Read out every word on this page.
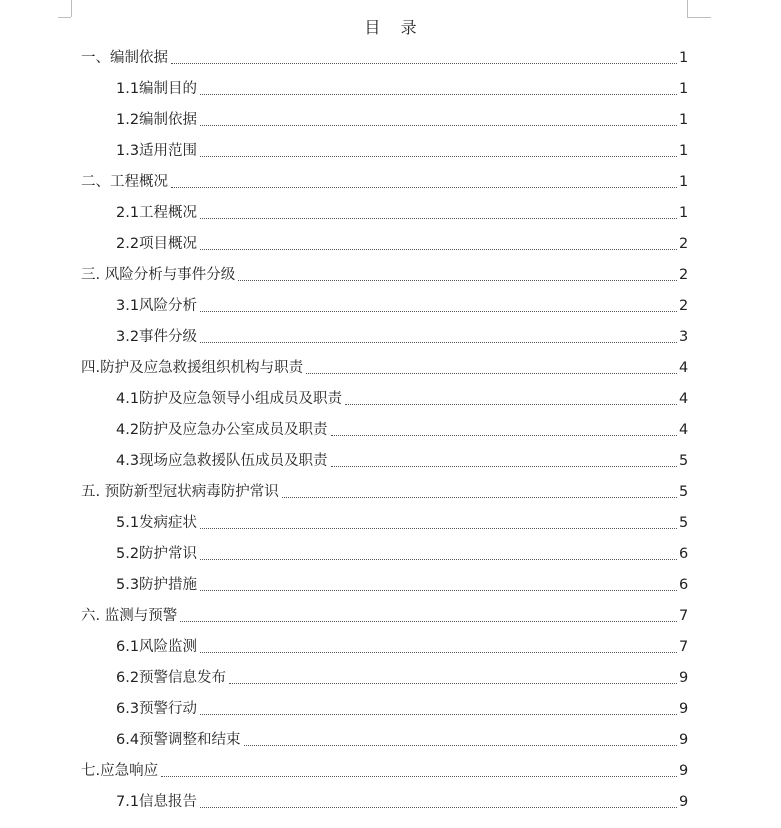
目    录
一、编制依据	1
1.1编制目的	1
1.2编制依据	1
1.3适用范围	1
二、工程概况	1
2.1工程概况	1
2.2项目概况	2
三. 风险分析与事件分级	2
3.1风险分析	2
3.2事件分级	3
四.防护及应急救援组织机构与职责	4
4.1防护及应急领导小组成员及职责	4
4.2防护及应急办公室成员及职责	4
4.3现场应急救援队伍成员及职责	5
五. 预防新型冠状病毒防护常识	5
5.1发病症状	5
5.2防护常识	6
5.3防护措施	6
六. 监测与预警	7
6.1风险监测	7
6.2预警信息发布	9
6.3预警行动	9
6.4预警调整和结束	9
七.应急响应	9
7.1信息报告	9
